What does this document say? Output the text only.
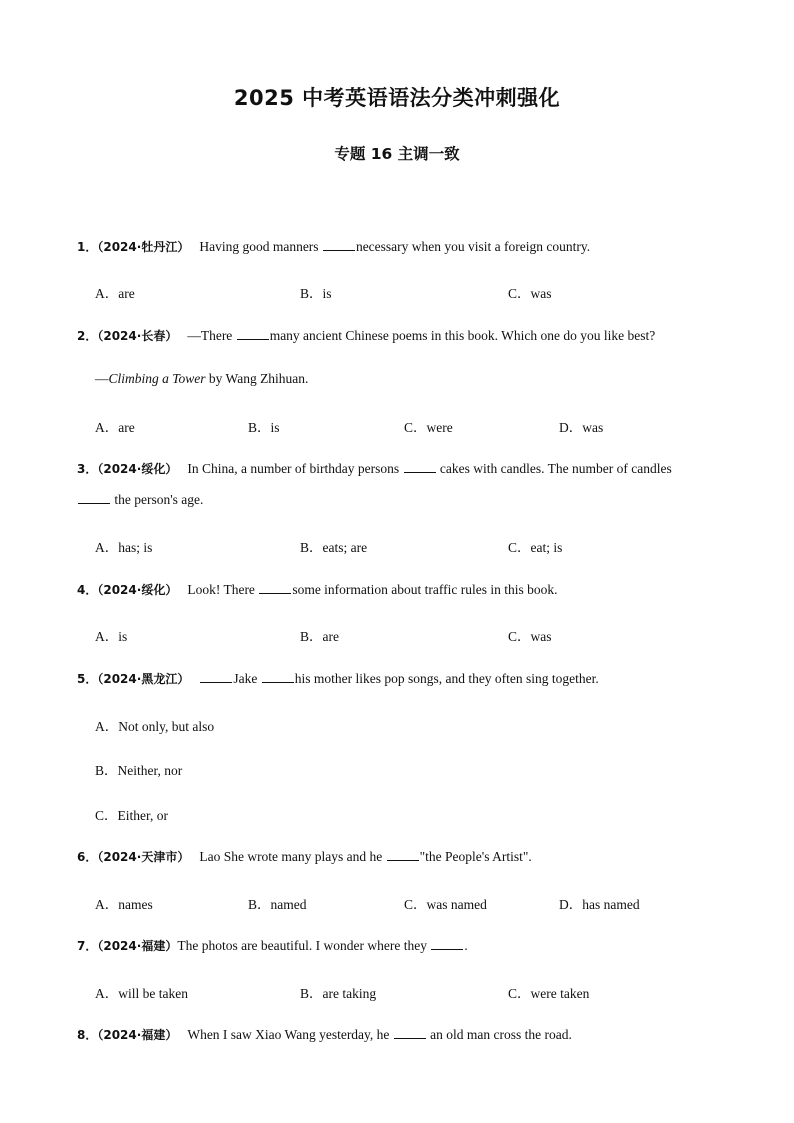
2025 中考英语语法分类冲刺强化
专题 16 主调一致
1．（2024·牡丹江） Having good manners	necessary when you visit a foreign country.
A．are	B．is	C．was
2．（2024·长春） —There	many ancient Chinese poems in this book. Which one do you like best?
—Climbing a Tower by Wang Zhihuan.
A．are	B．is	C．were	D．was
3．（2024·绥化） In China, a number of birthday persons	cakes with candles. The number of candles
the person's age.
A．has; is	B．eats; are	C．eat; is
4．（2024·绥化） Look! There	some information about traffic rules in this book.
A．is	B．are	C．was
5．（2024·黑龙江）	Jake	his mother likes pop songs, and they often sing together.
A．Not only, but also
B．Neither, nor
C．Either, or
6．（2024·天津市） Lao She wrote many plays and he	"the People's Artist".
A．names	B．named	C．was named	D．has named
7．（2024·福建）The photos are beautiful. I wonder where they	.
A．will be taken	B．are taking	C．were taken
8．（2024·福建） When I saw Xiao Wang yesterday, he	an old man cross the road.
